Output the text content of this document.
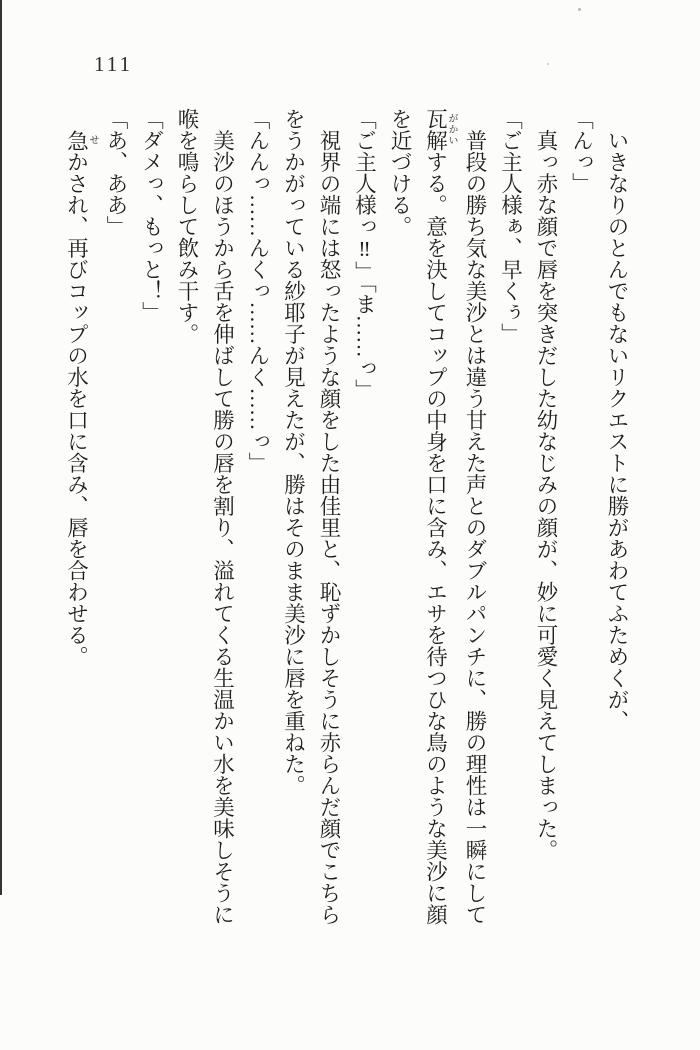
111
　いきなりのとんでもないリクエストに勝があわてふためくが、
「んっ」
　真っ赤な顔で唇を突きだした幼なじみの顔が、妙に可愛く見えてしまった。
「ご主人様ぁ、早くぅ」
　普段の勝ち気な美沙とは違う甘えた声とのダブルパンチに、勝の理性は一瞬にして
瓦解がかいする。意を決してコップの中身を口に含み、エサを待つひな鳥のような美沙に顔
を近づける。
「ご主人様っ‼」「ま……っ」
　視界の端には怒ったような顔をした由佳里と、恥ずかしそうに赤らんだ顔でこちら
をうかがっている紗耶子が見えたが、勝はそのまま美沙に唇を重ねた。
「んんっ……んくっ……んく……っ」
　美沙のほうから舌を伸ばして勝の唇を割り、溢れてくる生温かい水を美味しそうに
喉を鳴らして飲み干す。
「ダメっ、もっと！」
「あ、ああ」
　急せかされ、再びコップの水を口に含み、唇を合わせる。
